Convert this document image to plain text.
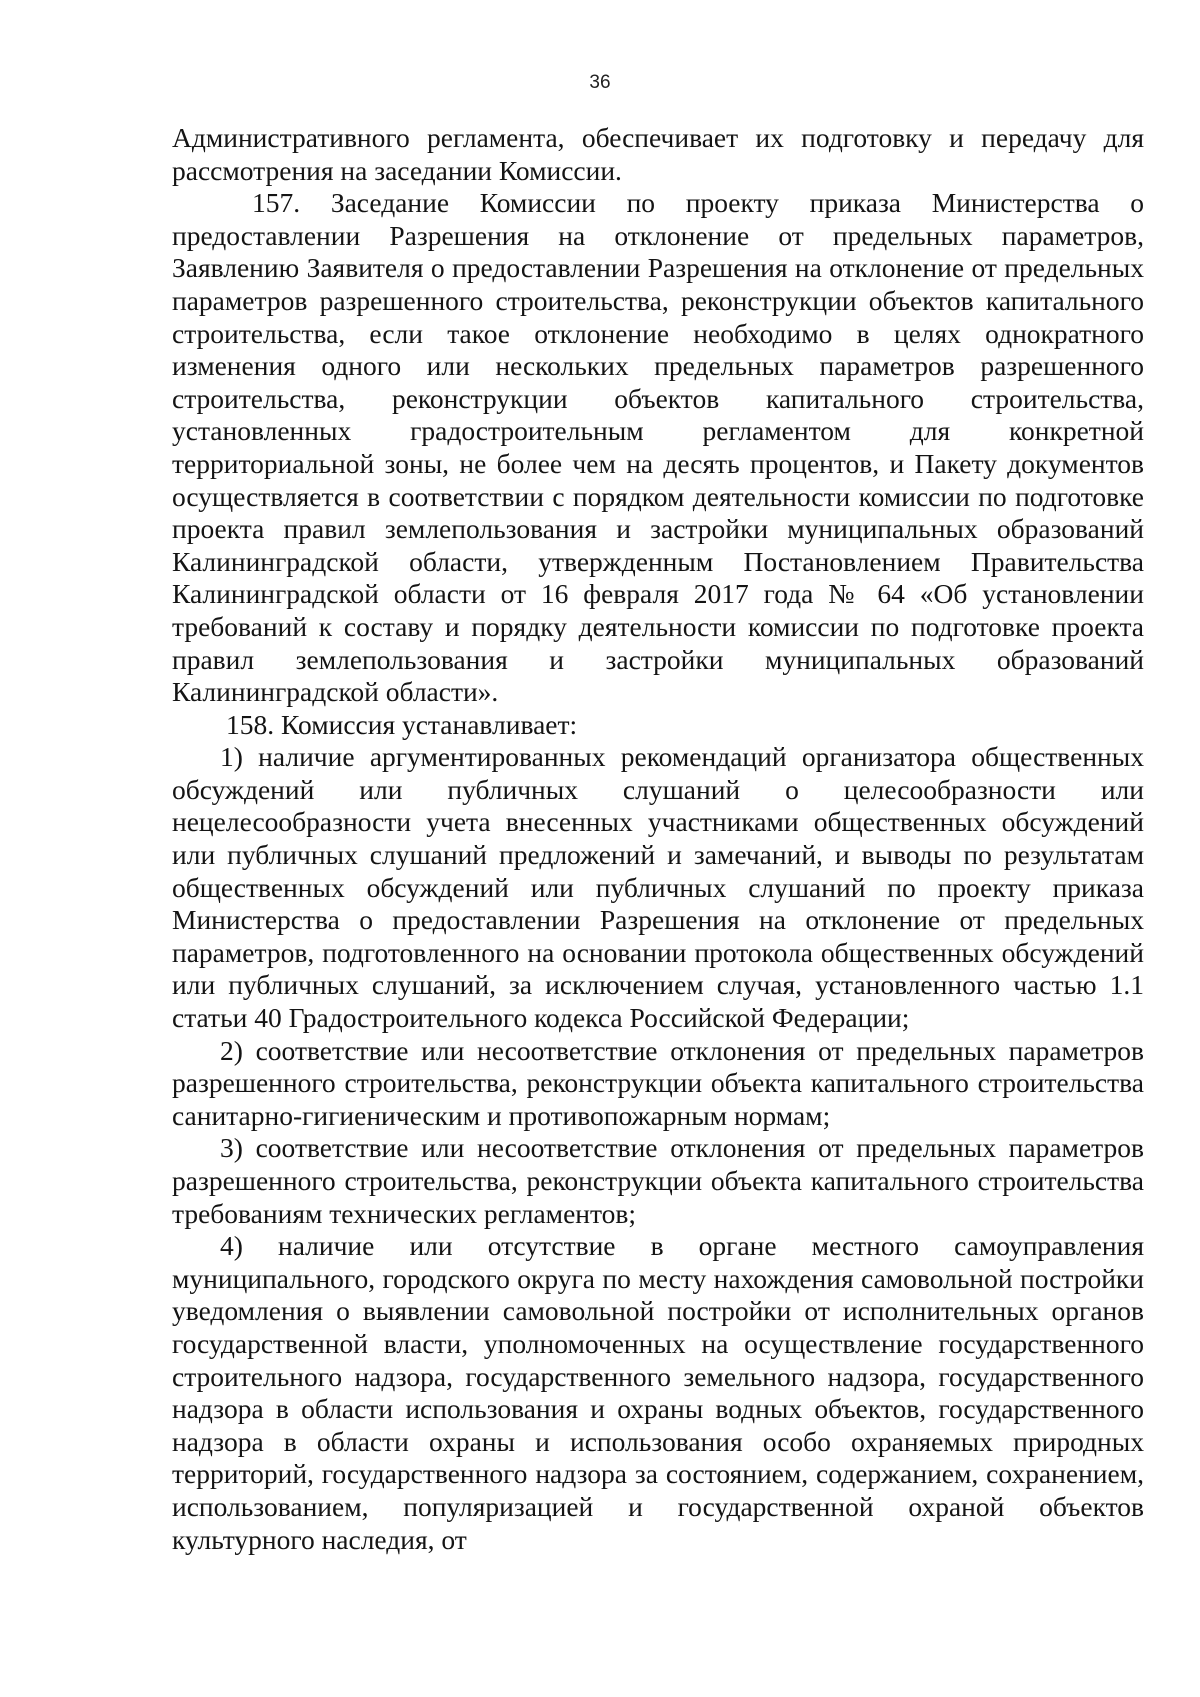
36

Административного регламента, обеспечивает их подготовку и передачу для рассмотрения на заседании Комиссии.

157. Заседание Комиссии по проекту приказа Министерства о предоставлении Разрешения на отклонение от предельных параметров, Заявлению Заявителя о предоставлении Разрешения на отклонение от предельных параметров разрешенного строительства, реконструкции объектов капитального строительства, если такое отклонение необходимо в целях однократного изменения одного или нескольких предельных параметров разрешенного строительства, реконструкции объектов капитального строительства, установленных градостроительным регламентом для конкретной территориальной зоны, не более чем на десять процентов, и Пакету документов осуществляется в соответствии с порядком деятельности комиссии по подготовке проекта правил землепользования и застройки муниципальных образований Калининградской области, утвержденным Постановлением Правительства Калининградской области от 16 февраля 2017 года № 64 «Об установлении требований к составу и порядку деятельности комиссии по подготовке проекта правил землепользования и застройки муниципальных образований Калининградской области».

158. Комиссия устанавливает:

1) наличие аргументированных рекомендаций организатора общественных обсуждений или публичных слушаний о целесообразности или нецелесообразности учета внесенных участниками общественных обсуждений или публичных слушаний предложений и замечаний, и выводы по результатам общественных обсуждений или публичных слушаний по проекту приказа Министерства о предоставлении Разрешения на отклонение от предельных параметров, подготовленного на основании протокола общественных обсуждений или публичных слушаний, за исключением случая, установленного частью 1.1 статьи 40 Градостроительного кодекса Российской Федерации;

2) соответствие или несоответствие отклонения от предельных параметров разрешенного строительства, реконструкции объекта капитального строительства санитарно-гигиеническим и противопожарным нормам;

3) соответствие или несоответствие отклонения от предельных параметров разрешенного строительства, реконструкции объекта капитального строительства требованиям технических регламентов;

4) наличие или отсутствие в органе местного самоуправления муниципального, городского округа по месту нахождения самовольной постройки уведомления о выявлении самовольной постройки от исполнительных органов государственной власти, уполномоченных на осуществление государственного строительного надзора, государственного земельного надзора, государственного надзора в области использования и охраны водных объектов, государственного надзора в области охраны и использования особо охраняемых природных территорий, государственного надзора за состоянием, содержанием, сохранением, использованием, популяризацией и государственной охраной объектов культурного наследия, от
